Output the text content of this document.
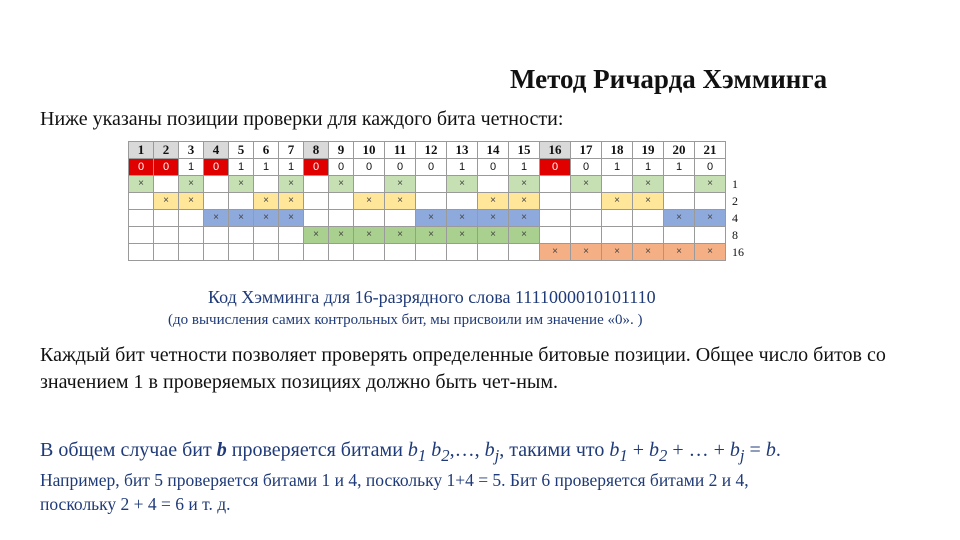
Метод Ричарда Хэмминга
Ниже указаны позиции проверки для каждого бита четности:
1	2	3	4	5	6	7	8	9	10	11	12	13	14	15	16	17	18	19	20	21	
0	0	1	0	1	1	1	0	0	0	0	0	1	0	1	0	0	1	1	1	0	
×		×		×		×		×		×		×		×		×		×		×	1
	×	×			×	×			×	×			×	×			×	×			2
			×	×	×	×					×	×	×	×					×	×	4
							×	×	×	×	×	×	×	×							8
															×	×	×	×	×	×	16
Код Хэмминга для 16-разрядного слова 1111000010101110
(до вычисления самих контрольных бит, мы присвоили им значение «0». )
Каждый бит четности позволяет проверять определенные битовые позиции. Общее число битов со значением 1 в проверяемых позициях должно быть чет-ным.
В общем случае бит b проверяется битами $b_1$ $b_2,\dots$, $b_j$, такими что $b_1 + b_2$ + … + $b_j = b$.
Например, бит 5 проверяется битами 1 и 4, поскольку 1+4 = 5. Бит 6 проверяется битами 2 и 4,
поскольку 2 + 4 = 6 и т. д.
